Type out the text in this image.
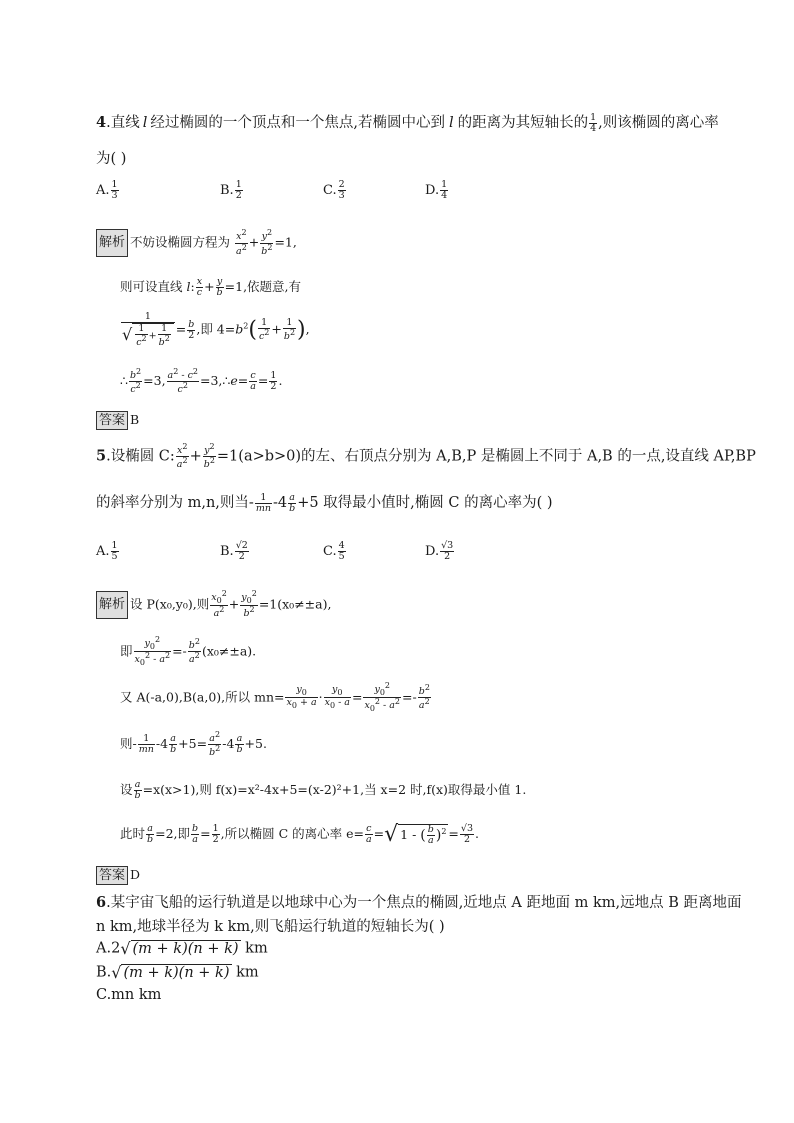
4.直线 l 经过椭圆的一个顶点和一个焦点,若椭圆中心到 l 的距离为其短轴长的 $\frac{1}{4}$ ,则该椭圆的离心率
为( )
A. $\frac{1}{3}$	B. $\frac{1}{2}$	C. $\frac{2}{3}$	D. $\frac{1}{4}$
解析 不妨设椭圆方程为 $\frac{x^2}{a^2} + \frac{y^2}{b^2} =1$,
则可设直线 l: $\frac{x}{c} + \frac{y}{b} =1$,依题意,有
$\frac{1}{√ \frac{1}{c^2} + \frac{1}{b^2}} = \frac{b}{2}$ ,即 $4=b^2( \frac{1}{c^2} + \frac{1}{b^2}$ ),
∴ $\frac{b^2}{c^2} =3$, $\frac{a^2 - c^2}{c^2}$ =3,∴e= $\frac{c}{a} = \frac{1}{2}$ .
答案 B
5.设椭圆 C: $\frac{x^2}{a^2} + \frac{y^2}{b^2} =1(a>b>0)$的左、右顶点分别为 A,B,P 是椭圆上不同于 A,B 的一点,设直线 AP,BP
的斜率分别为 m,n,则当- $\frac{1}{mn} -4 \frac{a}{b} +5$ 取得最小值时,椭圆 C 的离心率为( )
A. $\frac{1}{5}$	B. $\frac{√2}{2}$	C. $\frac{4}{5}$	D. $\frac{√3}{2}$
解析 设 P(x₀,y₀),则 $\frac{x_0^2}{a^2} + \frac{y_0^2}{b^2} =1(x_0\ne\pm a)$,
即 $\frac{y_0^2}{x_0^2 - a^2} =- \frac{b^2}{a^2} (x_0\ne\pm a)$.
又 A(-a,0),B(a,0),所以 $mn= \frac{y_0}{x_0 + a} \cdot \frac{y_0}{x_0 - a} = \frac{y_0^2}{x_0^2 - a^2} =- \frac{b^2}{a^2}$
则- $\frac{1}{mn} -4 \frac{a}{b} +5= \frac{a^2}{b^2} -4 \frac{a}{b} +5$.
设 $\frac{a}{b} =x(x>1)$,则 f(x)=x²-4x+5=(x-2)²+1,当 x=2 时,f(x)取得最小值 1.
此时 $\frac{a}{b} =2$,即 $\frac{b}{a} = \frac{1}{2}$ ,所以椭圆 C 的离心率 $e= \frac{c}{a}$ =√ 1 - ( $\frac{b}{a} )^2 = \frac{√3}{2}$ .
答案 D
6.某宇宙飞船的运行轨道是以地球中心为一个焦点的椭圆,近地点 A 距地面 m km,远地点 B 距离地面
n km,地球半径为 k km,则飞船运行轨道的短轴长为( )
A.2√ (m + k)(n + k) km
B.√ (m + k)(n + k) km
C.mn km
